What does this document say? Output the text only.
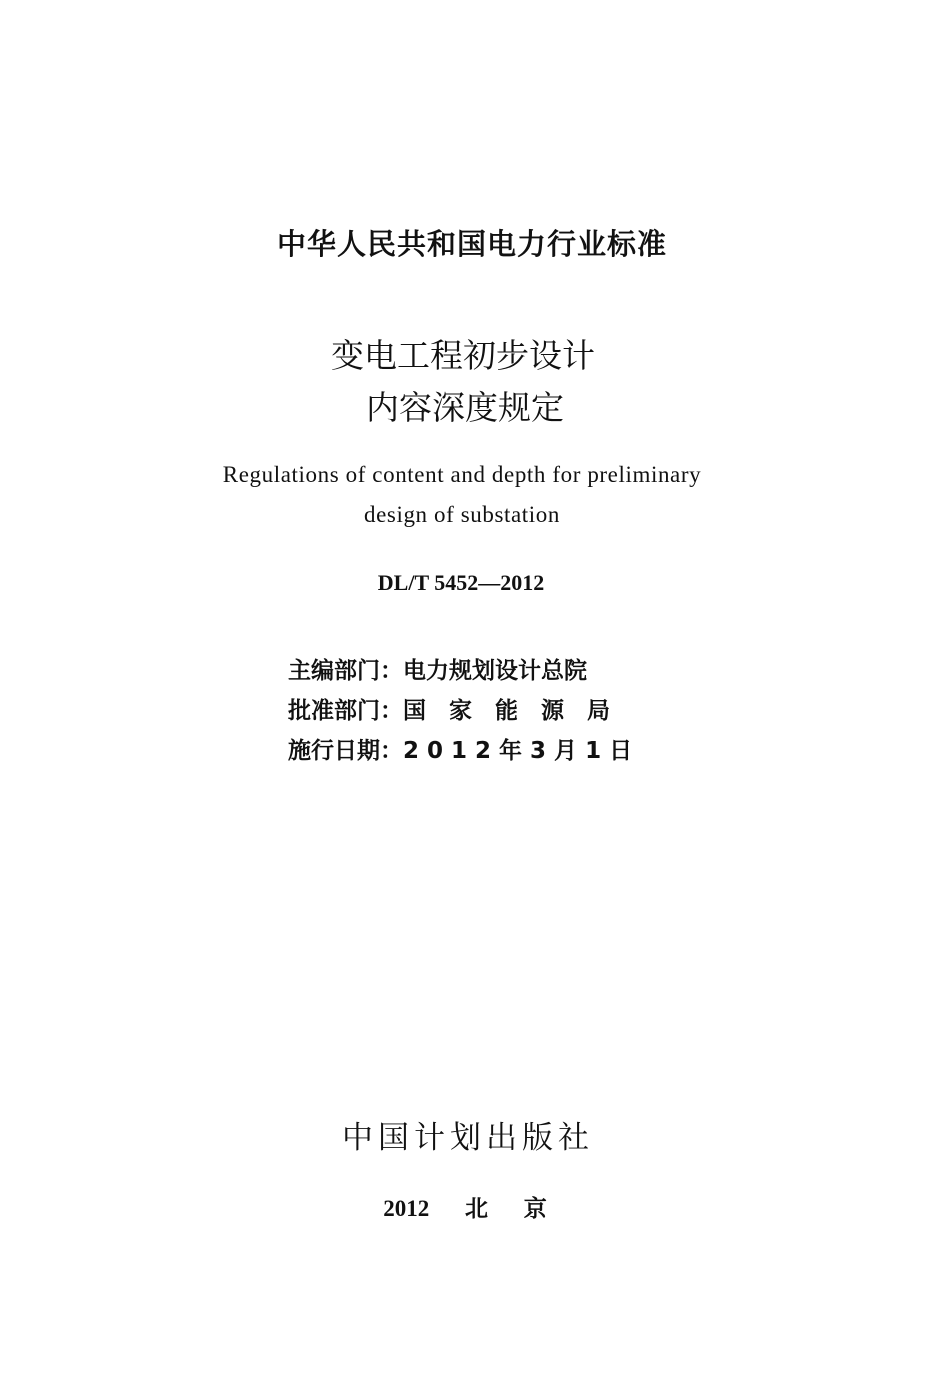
中华人民共和国电力行业标准
变电工程初步设计
内容深度规定
Regulations of content and depth for preliminary
design of substation
DL/T 5452—2012
主编部门：电力规划设计总院
批准部门：国　家　能　源　局
施行日期：2 0 1 2 年 3 月 1 日
中国计划出版社
2012 北 京
